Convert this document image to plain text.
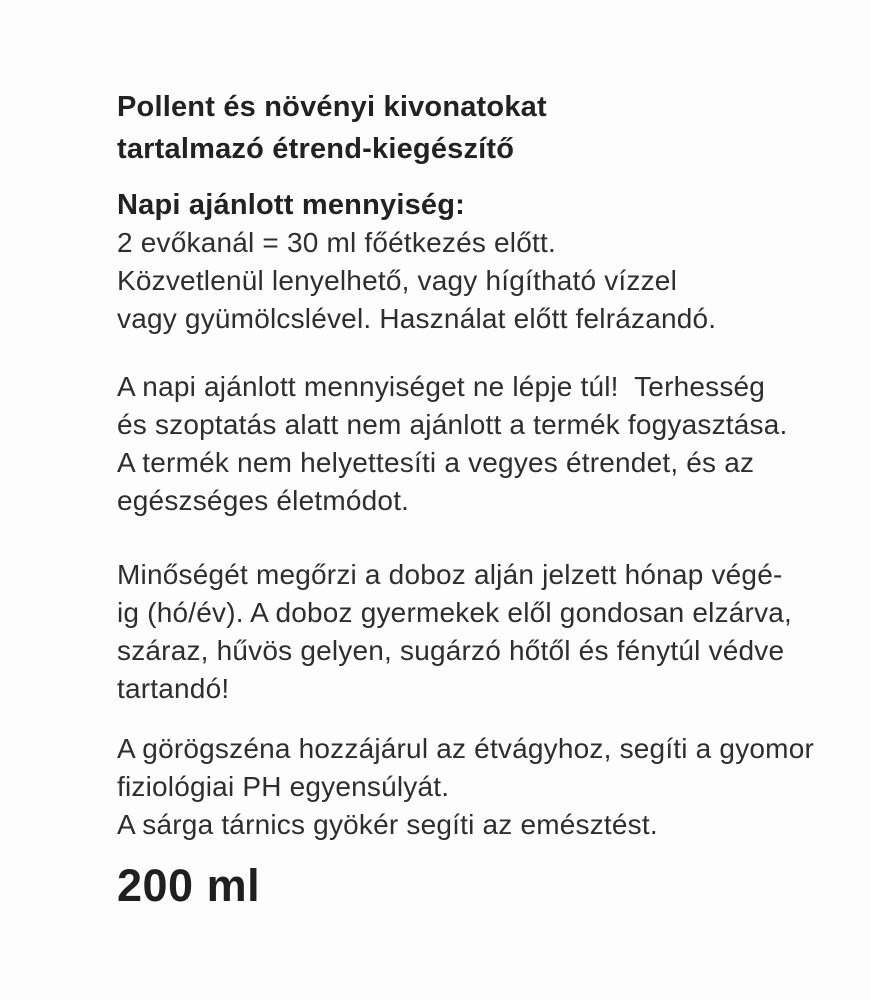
Pollent és növényi kivonatokat
tartalmazó étrend-kiegészítő
Napi ajánlott mennyiség:
2 evőkanál = 30 ml főétkezés előtt.
Közvetlenül lenyelhető, vagy hígítható vízzel
vagy gyümölcslével. Használat előtt felrázandó.
A napi ajánlott mennyiséget ne lépje túl!  Terhesség
és szoptatás alatt nem ajánlott a termék fogyasztása.
A termék nem helyettesíti a vegyes étrendet, és az
egészséges életmódot.
Minőségét megőrzi a doboz alján jelzett hónap végé-
ig (hó/év). A doboz gyermekek elől gondosan elzárva,
száraz, hűvös gelyen, sugárzó hőtől és fénytúl védve
tartandó!
A görögszéna hozzájárul az étvágyhoz, segíti a gyomor
fiziológiai PH egyensúlyát.
A sárga tárnics gyökér segíti az emésztést.
200 ml
